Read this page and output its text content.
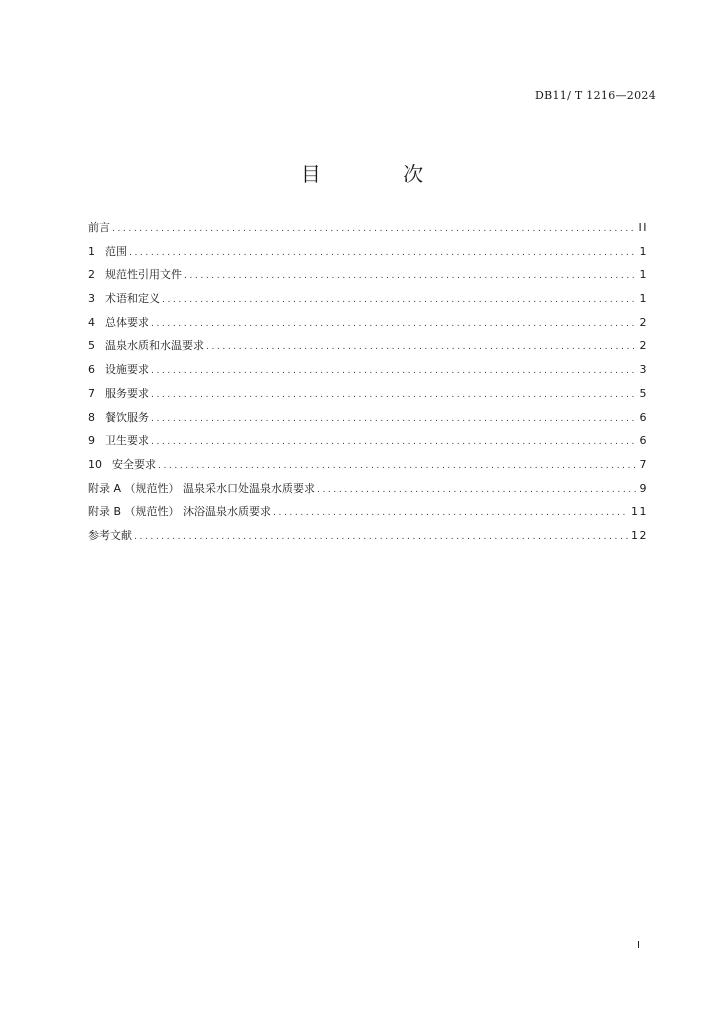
DB11/ T 1216—2024
目 次
前言 .....	II
1 范围 .....	1
2 规范性引用文件 .....	1
3 术语和定义 .....	1
4 总体要求 .....	2
5 温泉水质和水温要求 .....	2
6 设施要求 .....	3
7 服务要求 .....	5
8 餐饮服务 .....	6
9 卫生要求 .....	6
10 安全要求 .....	7
附录 A （规范性） 温泉采水口处温泉水质要求 .....	9
附录 B （规范性） 沐浴温泉水质要求 .....	11
参考文献 .....	12
I
